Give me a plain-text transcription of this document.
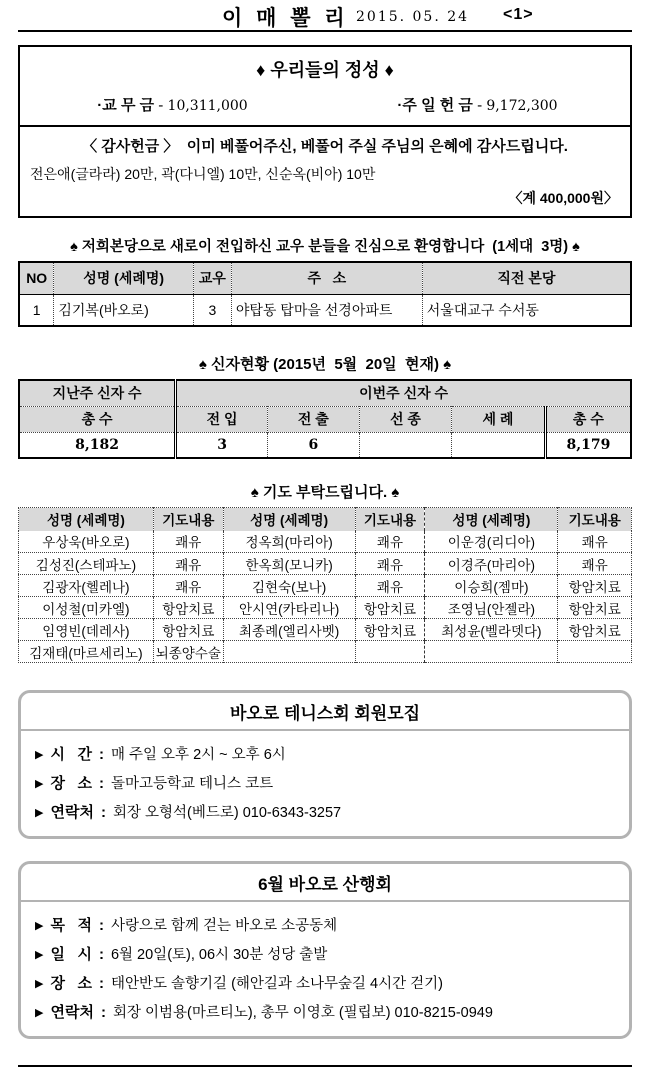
이 매 뽈 리 2015. 05. 24 <1>
♦ 우리들의 정성 ♦
·교 무 금 - 10,311,000	·주 일 헌 금 - 9,172,300
〈 감사헌금 〉  이미 베풀어주신, 베풀어 주실 주님의 은혜에 감사드립니다.
전은애(글라라) 20만, 곽(다니엘) 10만, 신순옥(비아) 10만
〈계 400,000원〉
♠ 저희본당으로 새로이 전입하신 교우 분들을 진심으로 환영합니다  (1세대  3명) ♠
NO	성명 (세례명)	교우	주   소	직전 본당
1	김기복(바오로)	3	야탑동 탑마을 선경아파트	서울대교구 수서동
♠ 신자현황 (2015년  5월  20일  현재) ♠
지난주 신자 수	이번주 신자 수				
총 수	전 입	전 출	선 종	세 례	총 수
8,182	3	6			8,179
♠ 기도 부탁드립니다. ♠
성명 (세례명)	기도내용	성명 (세례명)	기도내용	성명 (세례명)	기도내용
우상욱(바오로)	쾌유	정옥희(마리아)	쾌유	이운경(리디아)	쾌유
김성진(스테파노)	쾌유	한옥희(모니카)	쾌유	이경주(마리아)	쾌유
김광자(헬레나)	쾌유	김현숙(보나)	쾌유	이승희(젬마)	항암치료
이성철(미카엘)	항암치료	안시연(카타리나)	항암치료	조영님(안젤라)	항암치료
임영빈(데레사)	항암치료	최종례(엘리사벳)	항암치료	최성윤(벨라뎃다)	항암치료
김재태(마르세리노)	뇌종양수술				
바오로 테니스회 회원모집
▶ 시   간 : 매 주일 오후 2시 ~ 오후 6시
▶ 장   소 : 돌마고등학교 테니스 코트
▶ 연락처 : 회장 오형석(베드로) 010-6343-3257
6월 바오로 산행회
▶ 목   적 : 사랑으로 함께 걷는 바오로 소공동체
▶ 일   시 : 6월 20일(토), 06시 30분 성당 출발
▶ 장   소 : 태안반도 솔향기길 (해안길과 소나무숲길 4시간 걷기)
▶ 연락처 : 회장 이범용(마르티노), 총무 이영호 (필립보) 010-8215-0949
